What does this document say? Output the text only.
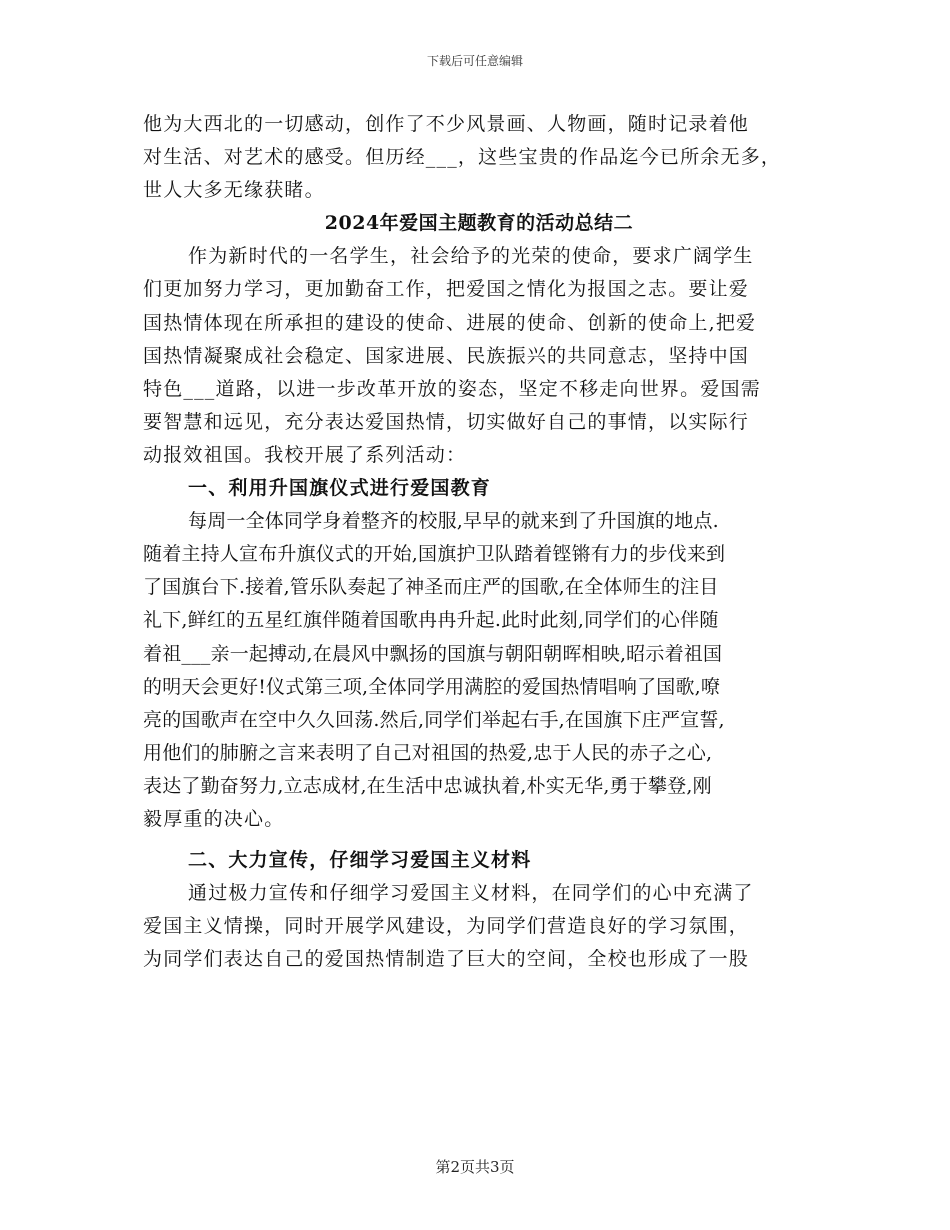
下载后可任意编辑
他为大西北的一切感动，创作了不少风景画、人物画，随时记录着他
对生活、对艺术的感受。但历经___，这些宝贵的作品迄今已所余无多，
世人大多无缘获睹。
2024年爱国主题教育的活动总结二
作为新时代的一名学生，社会给予的光荣的使命，要求广阔学生
们更加努力学习，更加勤奋工作，把爱国之情化为报国之志。要让爱
国热情体现在所承担的建设的使命、进展的使命、创新的使命上,把爱
国热情凝聚成社会稳定、国家进展、民族振兴的共同意志，坚持中国
特色___道路，以进一步改革开放的姿态，坚定不移走向世界。爱国需
要智慧和远见，充分表达爱国热情，切实做好自己的事情，以实际行
动报效祖国。我校开展了系列活动：
一、利用升国旗仪式进行爱国教育
每周一全体同学身着整齐的校服,早早的就来到了升国旗的地点.
随着主持人宣布升旗仪式的开始,国旗护卫队踏着铿锵有力的步伐来到
了国旗台下.接着,管乐队奏起了神圣而庄严的国歌,在全体师生的注目
礼下,鲜红的五星红旗伴随着国歌冉冉升起.此时此刻,同学们的心伴随
着祖___亲一起搏动,在晨风中飘扬的国旗与朝阳朝晖相映,昭示着祖国
的明天会更好!仪式第三项,全体同学用满腔的爱国热情唱响了国歌,嘹
亮的国歌声在空中久久回荡.然后,同学们举起右手,在国旗下庄严宣誓,
用他们的肺腑之言来表明了自己对祖国的热爱,忠于人民的赤子之心,
表达了勤奋努力,立志成材,在生活中忠诚执着,朴实无华,勇于攀登,刚
毅厚重的决心。
二、大力宣传，仔细学习爱国主义材料
通过极力宣传和仔细学习爱国主义材料，在同学们的心中充满了
爱国主义情操，同时开展学风建设，为同学们营造良好的学习氛围，
为同学们表达自己的爱国热情制造了巨大的空间，全校也形成了一股
第2页共3页
